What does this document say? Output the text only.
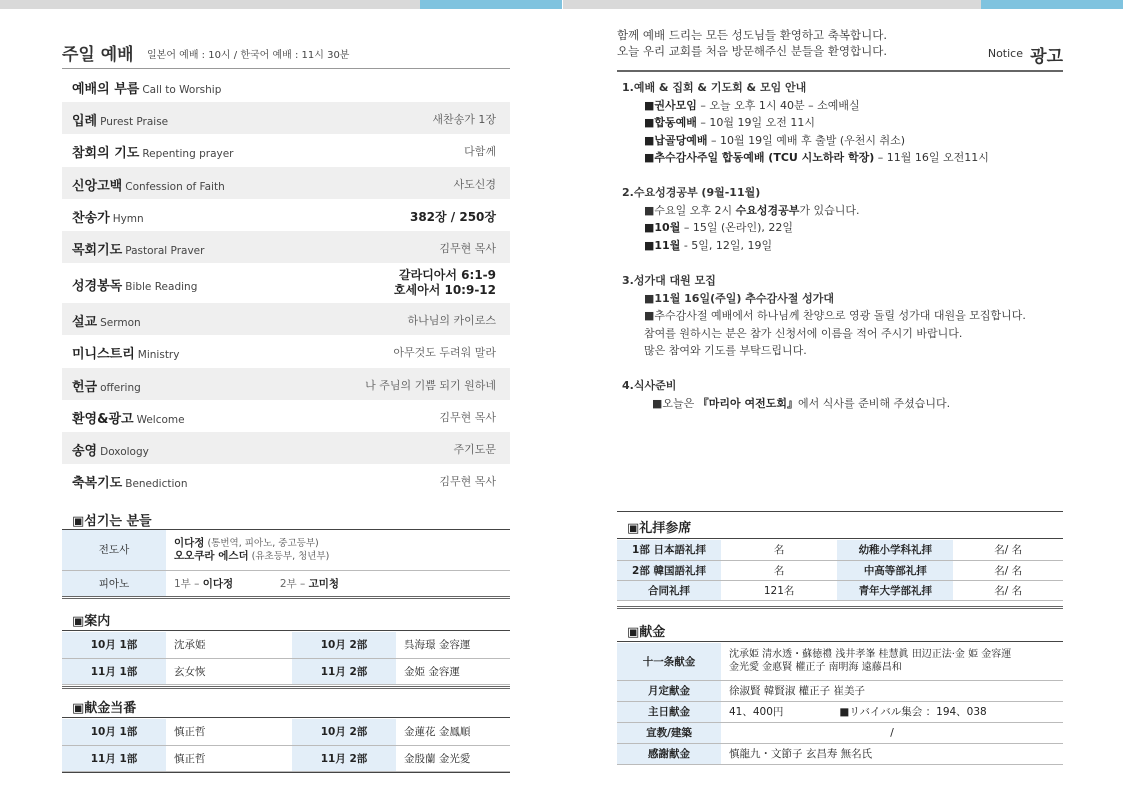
주일 예배 일본어 예배 : 10시 / 한국어 예배 : 11시 30분
예배의 부름 Call to Worship
입례 Purest Praise	새찬송가 1장
참회의 기도 Repenting prayer	다함께
신앙고백 Confession of Faith	사도신경
찬송가 Hymn	382장 / 250장
목회기도 Pastoral Praver	김무현 목사
성경봉독 Bible Reading
갈라디아서 6:1-9
호세아서 10:9-12
설교 Sermon	하나님의 카이로스
미니스트리 Ministry	아무것도 두려워 말라
헌금 offering	나 주님의 기쁨 되기 원하네
환영&광고 Welcome	김무현 목사
송영 Doxology	주기도문
축복기도 Benediction	김무현 목사
▣섬기는 분들
전도사	이다정 (통번역, 피아노, 중고등부)
오오쿠라 에스더 (유초등부, 청년부)
피아노	1부 – 이다정 2부 – 고미청
▣案内
10月 1部	沈承姫	10月 2部	呉海璟 金容運
11月 1部	玄女恢	11月 2部	金姫 金容運
▣献金当番
10月 1部	慎正哲	10月 2部	金蓮花 金鳳順
11月 1部	慎正哲	11月 2部	金殷蘭 金光愛
함께 예배 드리는 모든 성도님들 환영하고 축복합니다.
오늘 우리 교회를 처음 방문해주신 분들을 환영합니다.	Notice 광고
1.예배 & 집회 & 기도회 & 모임 안내
■권사모임 – 오늘 오후 1시 40분 – 소예배실
■합동예배 – 10월 19일 오전 11시
■납골당예배 – 10월 19일 예배 후 출발 (우천시 취소)
■추수감사주일 합동예배 (TCU 시노하라 학장) – 11월 16일 오전11시
2.수요성경공부 (9월-11월)
■수요일 오후 2시 수요성경공부가 있습니다.
■10월 – 15일 (온라인), 22일
■11월 - 5일, 12일, 19일
3.성가대 대원 모집
■11월 16일(주일) 추수감사절 성가대
■추수감사절 예배에서 하나님께 찬양으로 영광 돌릴 성가대 대원을 모집합니다.
참여를 원하시는 분은 참가 신청서에 이름을 적어 주시기 바랍니다.
많은 참여와 기도를 부탁드립니다.
4.식사준비
■오늘은 『마리아 여전도회』에서 식사를 준비해 주셨습니다.
▣礼拝参席
1部 日本語礼拝	名	幼稚小学科礼拝	名/ 名
2部 韓国語礼拝	名	中高等部礼拝	名/ 名
合同礼拝	121名	青年大学部礼拝	名/ 名
▣献金
十一条献金	沈承姫 清水透・蘇徳禮 浅井孝峯 桂慧眞 田辺正法·金 姫 金容運
金光愛 金悳賢 權正子 南明海 遠藤昌和

月定献金	徐淑賢 韓賢淑 權正子 崔美子
主日献金	41、400円 ■リバイバル集会 ：194、038
宣教/建築	/
感謝献金	慎龍九・文節子 玄昌寿 無名氏
